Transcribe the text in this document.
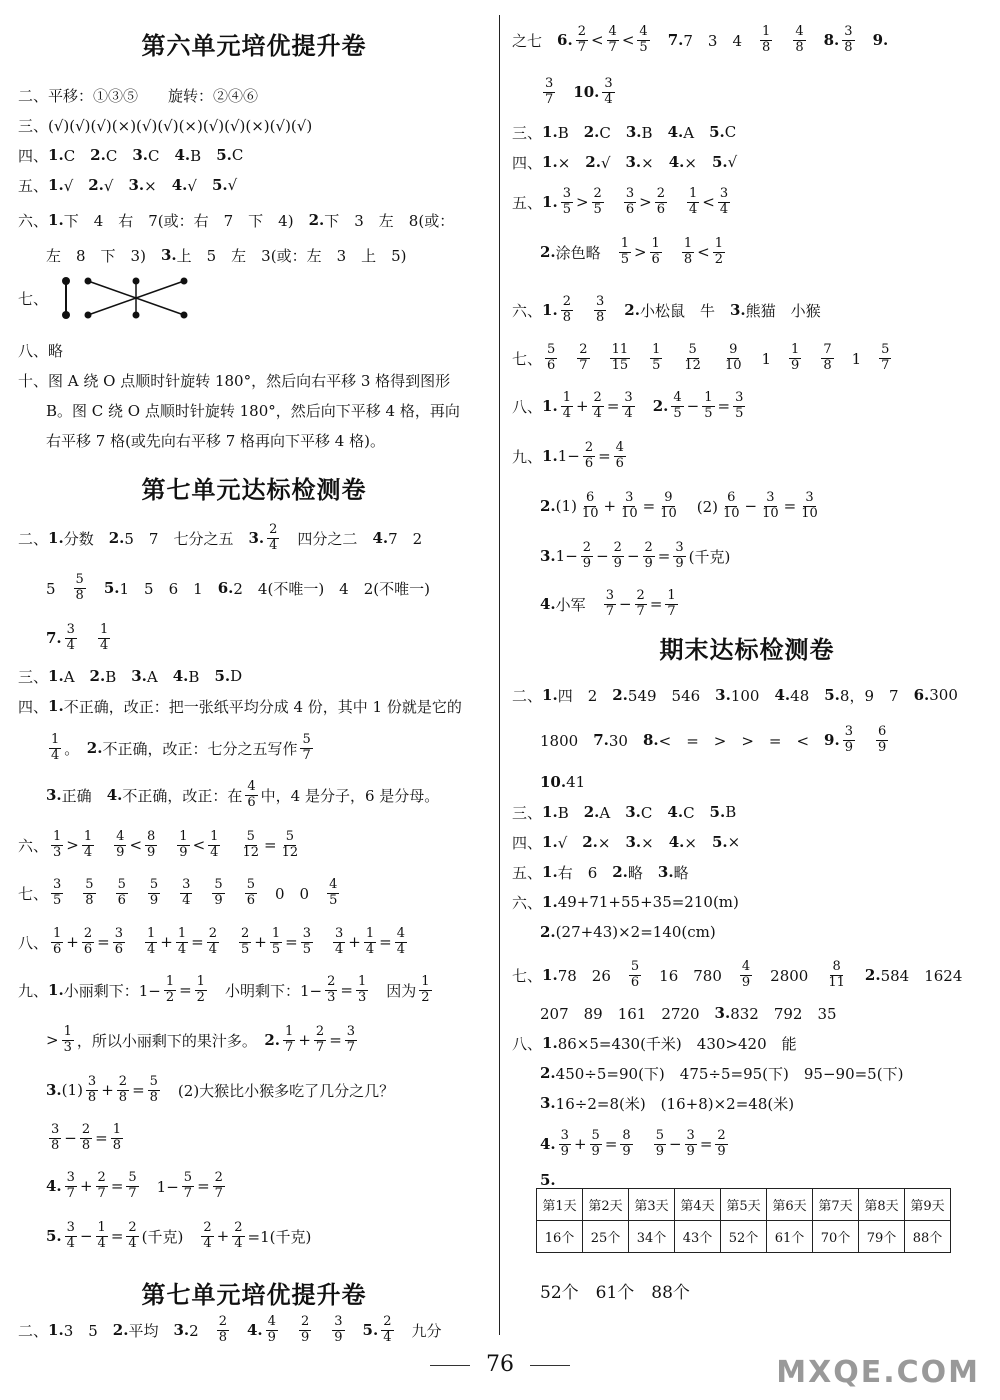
第六单元培优提升卷
二、平移：①③⑤　　旋转：②④⑥
三、(√)(√)(√)(×)(√)(√)(×)(√)(√)(×)(√)(√)
四、 1. C　 2. C　 3. C　 4. B　 5. C
五、 1. √　 2. √　 3. ×　 4. √　 5. √
六、 1. 下　4　右　7(或：右　7　下　4)　 2. 下　3　左　8(或：
左　8　下　3)　 3. 上　5　左　3(或：左　3　上　5)
七、
八、略
十、图 A 绕 O 点顺时针旋转 180°，然后向右平移 3 格得到图形
B。图 C 绕 O 点顺时针旋转 180°，然后向下平移 4 格，再向
右平移 7 格(或先向右平移 7 格再向下平移 4 格)。
第七单元达标检测卷
二、 1. 分数　 2. 5　7　七分之五　 3. $\frac{2}{4}$ 　四分之二　 4. 7　2
5　 $\frac{5}{8}$
　 5. 1　5　6　1　 6. 2　4(不唯一)　4　2(不唯一)
7. $\frac{3}{4}$
　 $\frac{1}{4}$
三、 1. A　 2. B　 3. A　 4. B　 5. D
四、 1. 不正确，改正：把一张纸平均分成 4 份，其中 1 份就是它的
$\frac{1}{4}$ 。　 2. 不正确，改正：七分之五写作 $\frac{5}{7}$
3. 正确　 4. 不正确，改正：在 $\frac{4}{6}$ 中，4 是分子，6 是分母。
六、 $\frac{1}{3} > \frac{1}{4} \frac{4}{9} < \frac{8}{9} \frac{1}{9} < \frac{1}{4} \frac{5}{12} = \frac{5}{12}$
七、 $\frac{3}{5} \frac{5}{8} \frac{5}{6} \frac{5}{9} \frac{3}{4} \frac{5}{9} \frac{5}{6}$ 　0　0　 $\frac{4}{5}$
八、 $\frac{1}{6} + \frac{2}{6} = \frac{3}{6} \frac{1}{4} + \frac{1}{4} = \frac{2}{4} \frac{2}{5} + \frac{1}{5} = \frac{3}{5} \frac{3}{4} + \frac{1}{4} = \frac{4}{4}$
九、 1. 小丽剩下：$1- \frac{1}{2} = \frac{1}{2}$ 　小明剩下：$1- \frac{2}{3} = \frac{1}{3}$ 　因为 $\frac{1}{2}$
> $\frac{1}{3}$ ，所以小丽剩下的果汁多。　 2. $\frac{1}{7} + \frac{2}{7} = \frac{3}{7}$
3. $(1) \frac{3}{8} + \frac{2}{8} = \frac{5}{8}$ 　(2)大猴比小猴多吃了几分之几？
$\frac{3}{8} - \frac{2}{8} = \frac{1}{8}$
4. $\frac{3}{7} + \frac{2}{7} = \frac{5}{7}$ 　$1- \frac{5}{7} = \frac{2}{7}$
5. $\frac{3}{4} - \frac{1}{4} = \frac{2}{4}$ (千克)　 $\frac{2}{4} + \frac{2}{4} =1$(千克)
第七单元培优提升卷
二、 1. 3　5　 2. 平均　 3. 2　 $\frac{2}{8}$
　 4. $\frac{4}{9}$
　 $\frac{2}{9}$
　 $\frac{3}{9}$
　 5. $\frac{2}{4}$ 　九分
之七　 6. $\frac{2}{7} < \frac{4}{7} < \frac{4}{5}$
　 7. 7　3　4　 $\frac{1}{8}$
　 $\frac{4}{8}$
　 8. $\frac{3}{8}$
　 9.
$\frac{3}{7}$
　 10. $\frac{3}{4}$
三、 1. B　 2. C　 3. B　 4. A　 5. C
四、 1. ×　 2. √　 3. ×　 4. ×　 5. √
五、 1. $\frac{3}{5} > \frac{2}{5} \frac{3}{6} > \frac{2}{6} \frac{1}{4} < \frac{3}{4}$
2. 涂色略　 $\frac{1}{5} > \frac{1}{6} \frac{1}{8} < \frac{1}{2}$
六、 1. $\frac{2}{8}$
　 $\frac{3}{8}$
　 2. 小松鼠　牛　 3. 熊猫　小猴
七、 $\frac{5}{6} \frac{2}{7} \frac{11}{15} \frac{1}{5} \frac{5}{12} \frac{9}{10}$ 　1　 $\frac{1}{9} \frac{7}{8}$ 　1　 $\frac{5}{7}$
八、 1. $\frac{1}{4} + \frac{2}{4} = \frac{3}{4}$
　 2. $\frac{4}{5} - \frac{1}{5} = \frac{3}{5}$
九、 1. $1- \frac{2}{6} = \frac{4}{6}$
2. $(1) \frac{6}{10} + \frac{3}{10} = \frac{9}{10}$ 　$(2) \frac{6}{10} - \frac{3}{10} = \frac{3}{10}$
3. $1- \frac{2}{9} - \frac{2}{9} - \frac{2}{9} = \frac{3}{9}$ (千克)
4. 小军　 $\frac{3}{7} - \frac{2}{7} = \frac{1}{7}$
期末达标检测卷
二、 1. 四　2　 2. 549　546　 3. 100　 4. 48　 5. 8，9　7　 6. 300
1800　 7. 30　 8. <　=　>　>　=　<　 9. $\frac{3}{9}$
　 $\frac{6}{9}$
10. 41
三、 1. B　 2. A　 3. C　 4. C　 5. B
四、 1. √　 2. ×　 3. ×　 4. ×　 5. ×
五、 1. 右　6　 2. 略　 3. 略
六、 1. 49+71+55+35=210(m)
2. (27+43)×2=140(cm)
七、 1. 78　26　 $\frac{5}{6}$ 　16　780　 $\frac{4}{9}$ 　2800　 $\frac{8}{11}$
　 2. 584　1624
207　89　161　2720　 3. 832　792　35
八、 1. 86×5=430(千米)　430>420　能
2. 450÷5=90(下)　475÷5=95(下)　95−90=5(下)
3. 16÷2=8(米)　(16+8)×2=48(米)
4. $\frac{3}{9} + \frac{5}{9} = \frac{8}{9}$
　 $\frac{5}{9} - \frac{3}{9} = \frac{2}{9}$
5.
第1天	第2天	第3天	第4天	第5天	第6天	第7天	第8天	第9天
16个	25个	34个	43个	52个	61个	70个	79个	88个
52个　61个　88个
76	MXQE.COM
